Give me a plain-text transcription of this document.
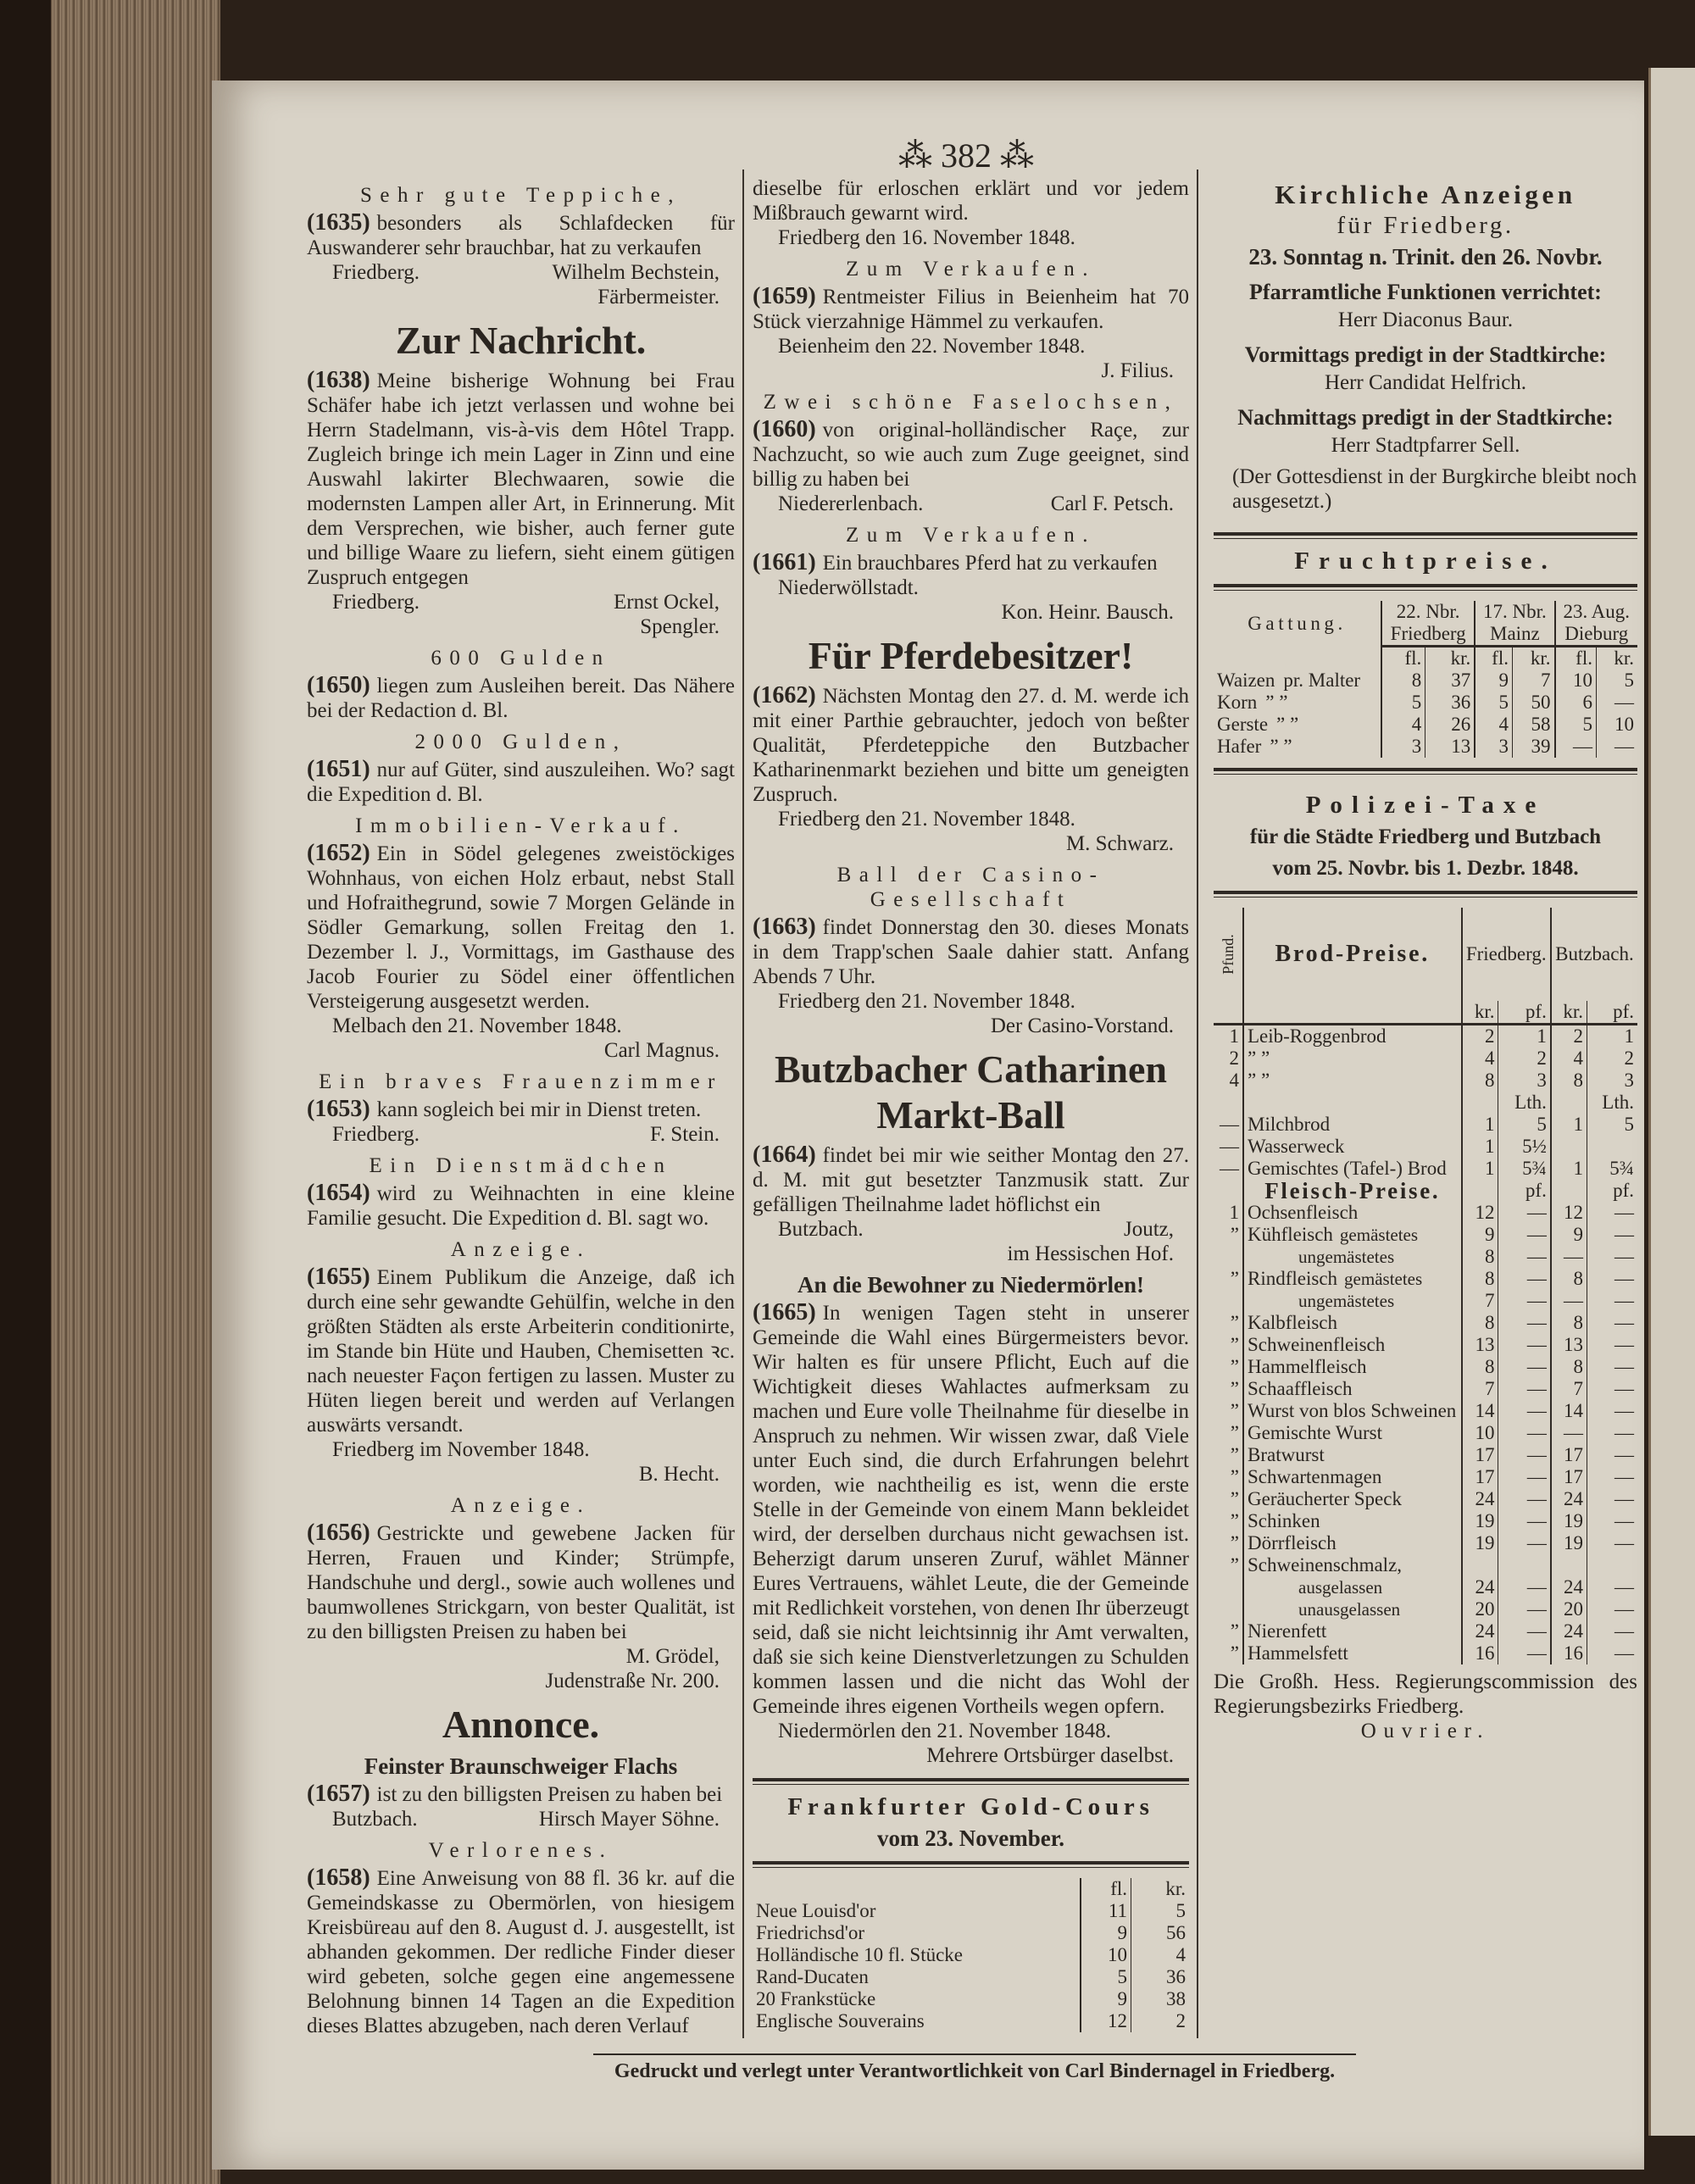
⁂ 382 ⁂
Sehr gute Teppiche,
(1635) besonders als Schlafdecken für Auswanderer sehr brauchbar, hat zu verkaufen
Friedberg.	Wilhelm Bechstein,
Färbermeister.
Zur Nachricht.
(1638) Meine bisherige Wohnung bei Frau Schäfer habe ich jetzt verlassen und wohne bei Herrn Stadelmann, vis-à-vis dem Hôtel Trapp. Zugleich bringe ich mein Lager in Zinn und eine Auswahl lakirter Blechwaaren, sowie die modernsten Lampen aller Art, in Erinnerung. Mit dem Versprechen, wie bisher, auch ferner gute und billige Waare zu liefern, sieht einem gütigen Zuspruch entgegen
Friedberg.	Ernst Ockel,
Spengler.
600 Gulden
(1650) liegen zum Ausleihen bereit. Das Nähere bei der Redaction d. Bl.
2000 Gulden,
(1651) nur auf Güter, sind auszuleihen. Wo? sagt die Expedition d. Bl.
Immobilien-Verkauf.
(1652) Ein in Södel gelegenes zweistöckiges Wohnhaus, von eichen Holz erbaut, nebst Stall und Hofraithegrund, sowie 7 Morgen Gelände in Södler Gemarkung, sollen Freitag den 1. Dezember l. J., Vormittags, im Gasthause des Jacob Fourier zu Södel einer öffentlichen Versteigerung ausgesetzt werden.
Melbach den 21. November 1848.
Carl Magnus.
Ein braves Frauenzimmer
(1653) kann sogleich bei mir in Dienst treten.
Friedberg.	F. Stein.
Ein Dienstmädchen
(1654) wird zu Weihnachten in eine kleine Familie gesucht. Die Expedition d. Bl. sagt wo.
Anzeige.
(1655) Einem Publikum die Anzeige, daß ich durch eine sehr gewandte Gehülfin, welche in den größten Städten als erste Arbeiterin conditionirte, im Stande bin Hüte und Hauben, Chemisetten ꝛc. nach neuester Façon fertigen zu lassen. Muster zu Hüten liegen bereit und werden auf Verlangen auswärts versandt.
Friedberg im November 1848.
B. Hecht.
Anzeige.
(1656) Gestrickte und gewebene Jacken für Herren, Frauen und Kinder; Strümpfe, Handschuhe und dergl., sowie auch wollenes und baumwollenes Strickgarn, von bester Qualität, ist zu den billigsten Preisen zu haben bei
M. Grödel,
Judenstraße Nr. 200.
Annonce.
Feinster Braunschweiger Flachs
(1657) ist zu den billigsten Preisen zu haben bei
Butzbach.	Hirsch Mayer Söhne.
Verlorenes.
(1658) Eine Anweisung von 88 fl. 36 kr. auf die Gemeindskasse zu Obermörlen, von hiesigem Kreisbüreau auf den 8. August d. J. ausgestellt, ist abhanden gekommen. Der redliche Finder dieser wird gebeten, solche gegen eine angemessene Belohnung binnen 14 Tagen an die Expedition dieses Blattes abzugeben, nach deren Verlauf
dieselbe für erloschen erklärt und vor jedem Mißbrauch gewarnt wird.
Friedberg den 16. November 1848.
Zum Verkaufen.
(1659) Rentmeister Filius in Beienheim hat 70 Stück vierzahnige Hämmel zu verkaufen.
Beienheim den 22. November 1848.
J. Filius.
Zwei schöne Faselochsen,
(1660) von original-holländischer Raçe, zur Nachzucht, so wie auch zum Zuge geeignet, sind billig zu haben bei
Niedererlenbach.	Carl F. Petsch.
Zum Verkaufen.
(1661) Ein brauchbares Pferd hat zu verkaufen
Niederwöllstadt.
Kon. Heinr. Bausch.
Für Pferdebesitzer!
(1662) Nächsten Montag den 27. d. M. werde ich mit einer Parthie gebrauchter, jedoch von beßter Qualität, Pferdeteppiche den Butzbacher Katharinenmarkt beziehen und bitte um geneigten Zuspruch.
Friedberg den 21. November 1848.
M. Schwarz.
Ball der Casino-Gesellschaft
(1663) findet Donnerstag den 30. dieses Monats in dem Trapp'schen Saale dahier statt. Anfang Abends 7 Uhr.
Friedberg den 21. November 1848.
Der Casino-Vorstand.
Butzbacher Catharinen Markt-Ball
(1664) findet bei mir wie seither Montag den 27. d. M. mit gut besetzter Tanzmusik statt. Zur gefälligen Theilnahme ladet höflichst ein
Butzbach.	Joutz,
im Hessischen Hof.
An die Bewohner zu Niedermörlen!
(1665) In wenigen Tagen steht in unserer Gemeinde die Wahl eines Bürgermeisters bevor. Wir halten es für unsere Pflicht, Euch auf die Wichtigkeit dieses Wahlactes aufmerksam zu machen und Eure volle Theilnahme für dieselbe in Anspruch zu nehmen. Wir wissen zwar, daß Viele unter Euch sind, die durch Erfahrungen belehrt worden, wie nachtheilig es ist, wenn die erste Stelle in der Gemeinde von einem Mann bekleidet wird, der derselben durchaus nicht gewachsen ist. Beherzigt darum unseren Zuruf, wählet Männer Eures Vertrauens, wählet Leute, die der Gemeinde mit Redlichkeit vorstehen, von denen Ihr überzeugt seid, daß sie nicht leichtsinnig ihr Amt verwalten, daß sie sich keine Dienstverletzungen zu Schulden kommen lassen und die nicht das Wohl der Gemeinde ihres eigenen Vortheils wegen opfern.
Niedermörlen den 21. November 1848.
Mehrere Ortsbürger daselbst.
Frankfurter Gold-Cours
vom 23. November.
	fl.	kr.
Neue Louisd'or	11	5
Friedrichsd'or	9	56
Holländische 10 fl. Stücke	10	4
Rand-Ducaten	5	36
20 Frankstücke	9	38
Englische Souverains	12	2
Kirchliche Anzeigen
für Friedberg.
23. Sonntag n. Trinit. den 26. Novbr.
Pfarramtliche Funktionen verrichtet:
Herr Diaconus Baur.
Vormittags predigt in der Stadtkirche:
Herr Candidat Helfrich.
Nachmittags predigt in der Stadtkirche:
Herr Stadtpfarrer Sell.
(Der Gottesdienst in der Burgkirche bleibt noch ausgesetzt.)
Fruchtpreise.
Gattung.	22. Nbr.		17. Nbr.		23. Aug.	
	Friedberg		Mainz		Dieburg	
	fl.	kr.	fl.	kr.	fl.	kr.
Waizen pr. Malter	8	37	9	7	10	5
Korn ” ”	5	36	5	50	6	—
Gerste ” ”	4	26	4	58	5	10
Hafer ” ”	3	13	3	39	—	—
Polizei-Taxe
für die Städte Friedberg und Butzbach
vom 25. Novbr. bis 1. Dezbr. 1848.
Pfund.	Brod-Preise.	Friedberg.		Butzbach.	
		kr.	pf.	kr.	pf.
1	Leib-Roggenbrod	2	1	2	1
2	” ”	4	2	4	2
4	” ”	8	3	8	3
			Lth.		Lth.
—	Milchbrod	1	5	1	5
—	Wasserweck	1	5½		
—	Gemischtes (Tafel-) Brod	1	5¾	1	5¾
	Fleisch-Preise.		pf.		pf.
1	Ochsenfleisch	12	—	12	—
”	Kühfleisch gemästetes	9	—	9	—
	ungemästetes	8	—	—	—
”	Rindfleisch gemästetes	8	—	8	—
	ungemästetes	7	—	—	—
”	Kalbfleisch	8	—	8	—
”	Schweinenfleisch	13	—	13	—
”	Hammelfleisch	8	—	8	—
”	Schaaffleisch	7	—	7	—
”	Wurst von blos Schweinen	14	—	14	—
”	Gemischte Wurst	10	—	—	—
”	Bratwurst	17	—	17	—
”	Schwartenmagen	17	—	17	—
”	Geräucherter Speck	24	—	24	—
”	Schinken	19	—	19	—
”	Dörrfleisch	19	—	19	—
”	Schweinenschmalz,				
	ausgelassen	24	—	24	—
	unausgelassen	20	—	20	—
”	Nierenfett	24	—	24	—
”	Hammelsfett	16	—	16	—
Die Großh. Hess. Regierungscommission des Regierungsbezirks Friedberg.
Ouvrier.
Gedruckt und verlegt unter Verantwortlichkeit von Carl Bindernagel in Friedberg.
